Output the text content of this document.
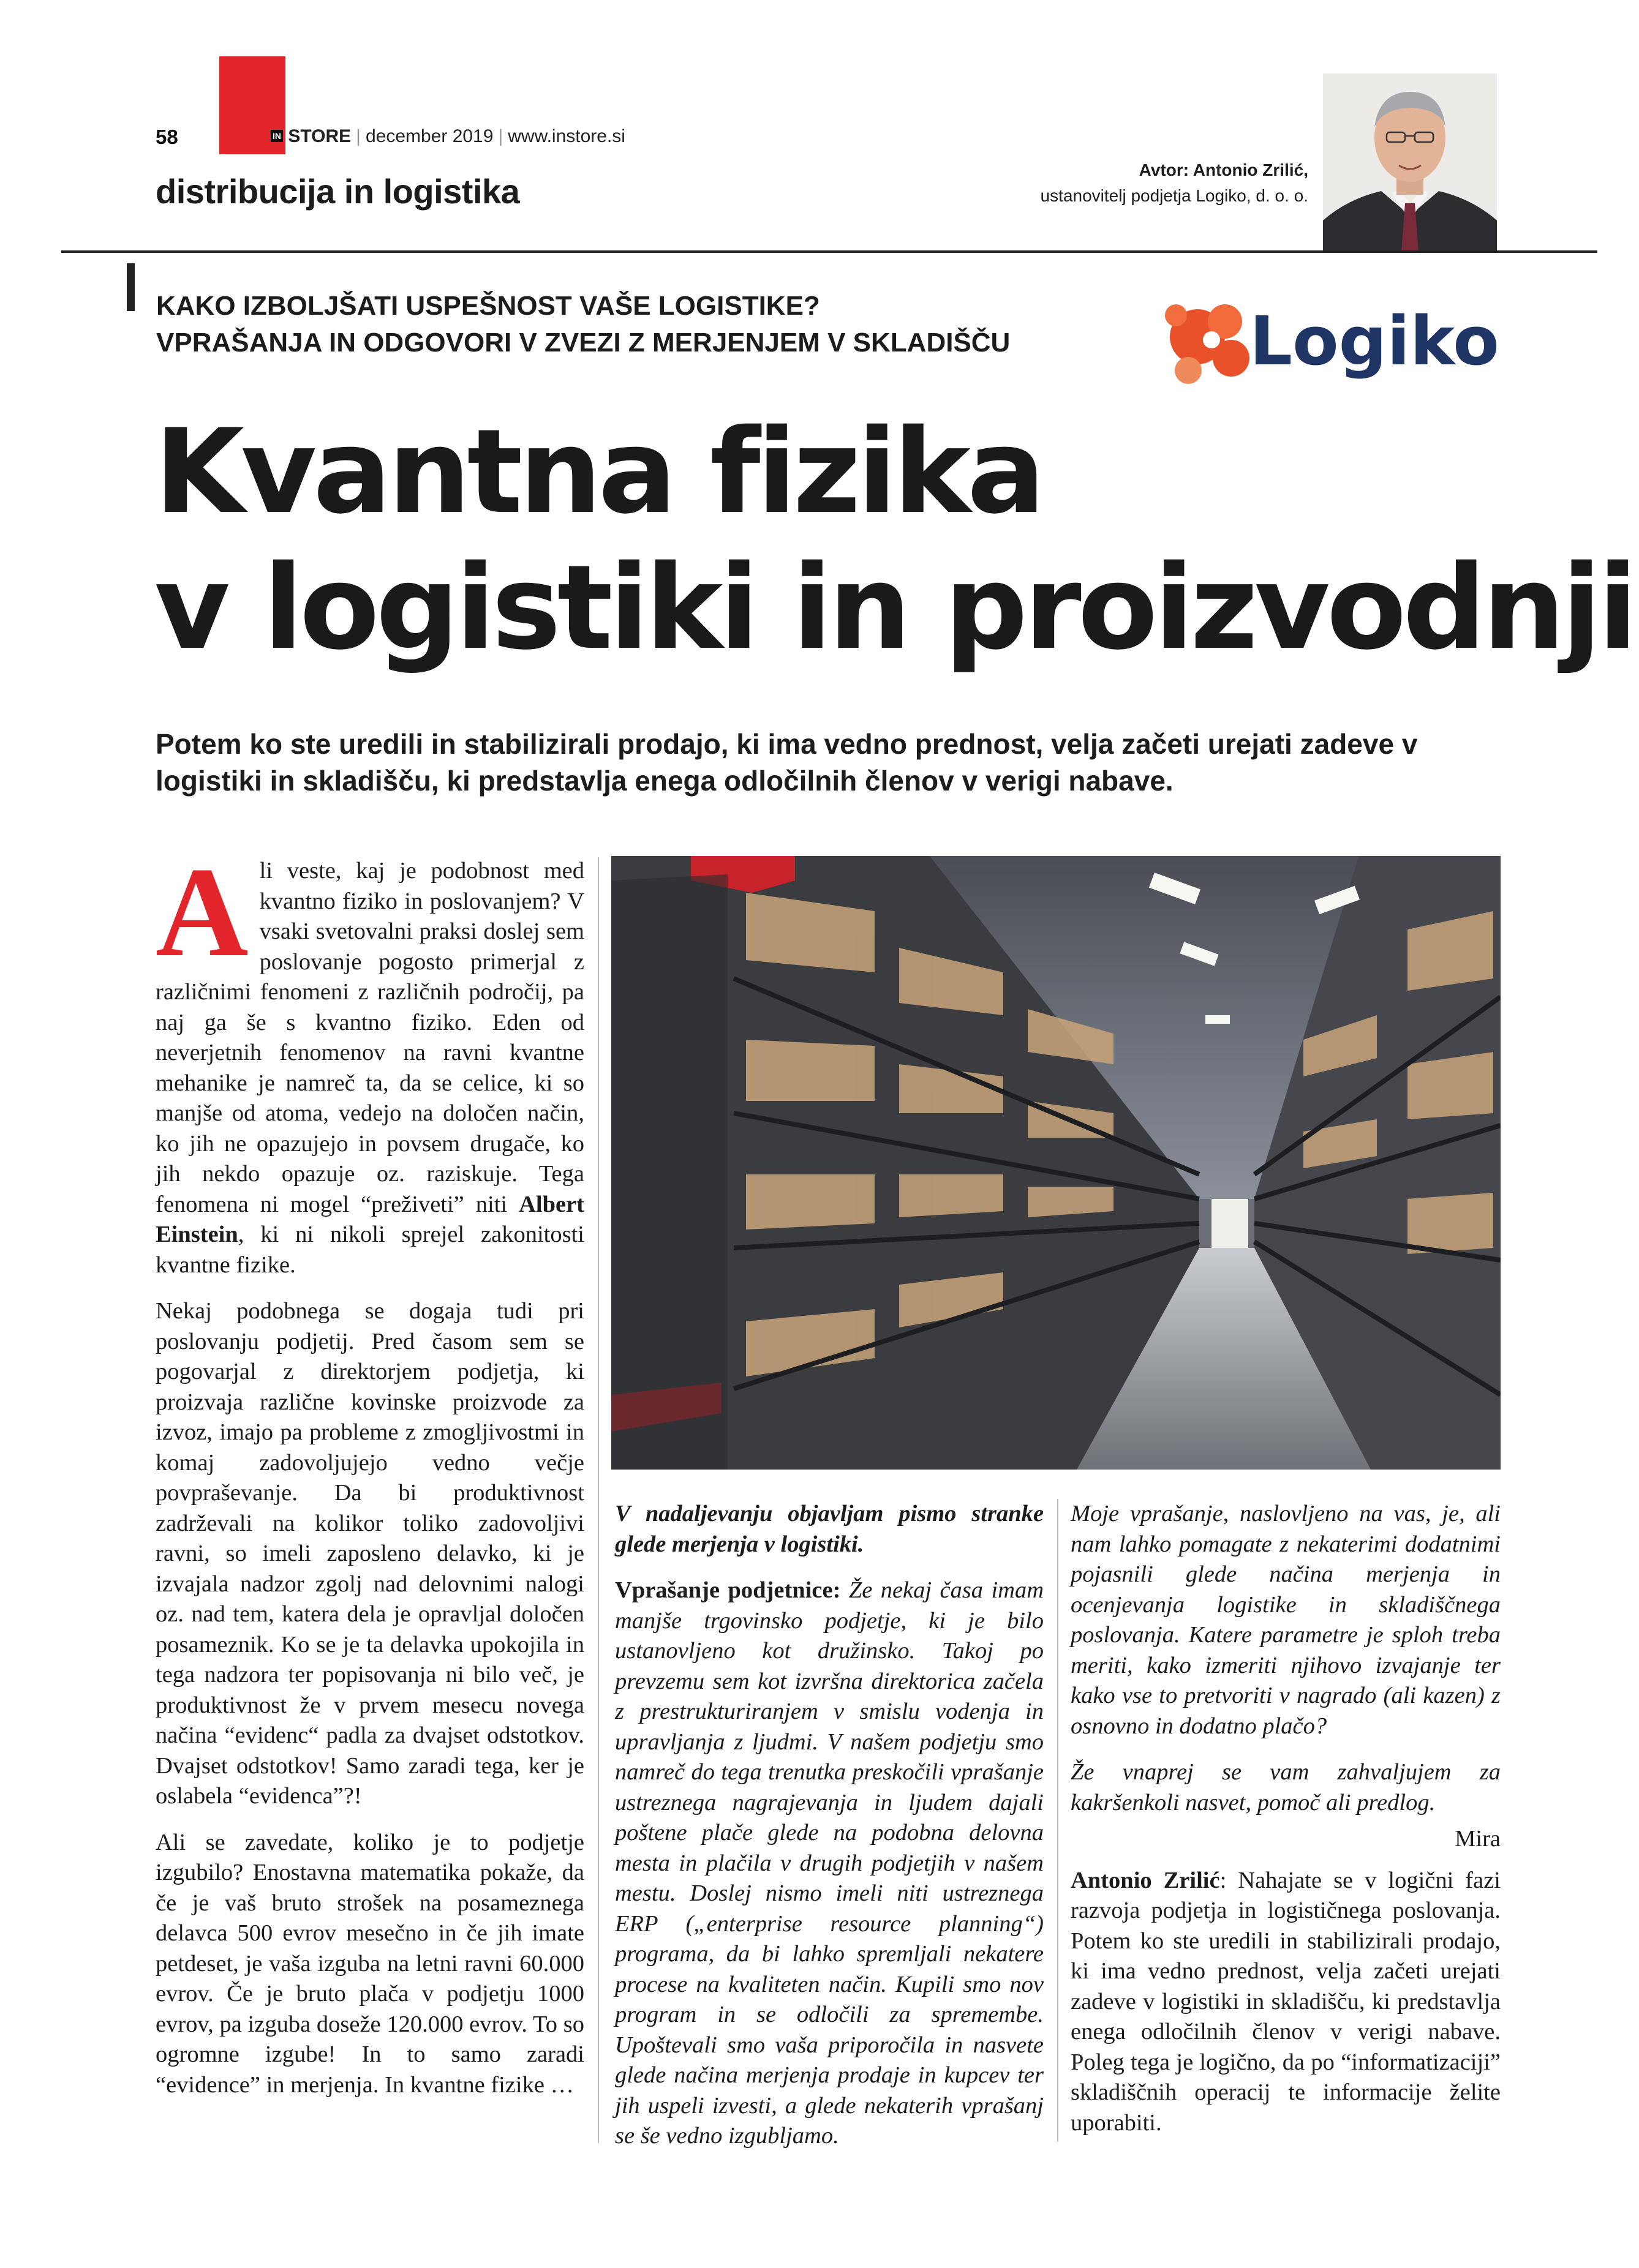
58	IN STORE | december 2019 | www.instore.si
distribucija in logistika
Avtor: Antonio Zrilić,
ustanovitelj podjetja Logiko, d. o. o.
KAKO IZBOLJŠATI USPEŠNOST VAŠE LOGISTIKE?
VPRAŠANJA IN ODGOVORI V ZVEZI Z MERJENJEM V SKLADIŠČU	Logiko
Kvantna fizika
v logistiki in proizvodnji
Potem ko ste uredili in stabilizirali prodajo, ki ima vedno prednost, velja začeti urejati zadeve v logistiki in skladišču, ki predstavlja enega odločilnih členov v verigi nabave.

Ali veste, kaj je podobnost med kvantno fiziko in poslovanjem? V vsaki svetovalni praksi doslej sem poslovanje pogosto primerjal z različnimi fenomeni z različnih področij, pa naj ga še s kvantno fiziko. Eden od neverjetnih fenomenov na ravni kvantne mehanike je namreč ta, da se celice, ki so manjše od atoma, vedejo na določen način, ko jih ne opazujejo in povsem drugače, ko jih nekdo opazuje oz. raziskuje. Tega fenomena ni mogel “preživeti” niti Albert Einstein, ki ni nikoli sprejel zakonitosti kvantne fizike.

Nekaj podobnega se dogaja tudi pri poslovanju podjetij. Pred časom sem se pogovarjal z direktorjem podjetja, ki proizvaja različne kovinske proizvode za izvoz, imajo pa probleme z zmogljivostmi in komaj zadovoljujejo vedno večje povpraševanje. Da bi produktivnost zadrževali na kolikor toliko zadovoljivi ravni, so imeli zaposleno delavko, ki je izvajala nadzor zgolj nad delovnimi nalogi oz. nad tem, katera dela je opravljal določen posameznik. Ko se je ta delavka upokojila in tega nadzora ter popisovanja ni bilo več, je produktivnost že v prvem mesecu novega načina “evidenc“ padla za dvajset odstotkov. Dvajset odstotkov! Samo zaradi tega, ker je oslabela “evidenca”?!

Ali se zavedate, koliko je to podjetje izgubilo? Enostavna matematika pokaže, da če je vaš bruto strošek na posameznega delavca 500 evrov mesečno in če jih imate petdeset, je vaša izguba na letni ravni 60.000 evrov. Če je bruto plača v podjetju 1000 evrov, pa izguba doseže 120.000 evrov. To so ogromne izgube! In to samo zaradi “evidence” in merjenja. In kvantne fizike …

V nadaljevanju objavljam pismo stranke glede merjenja v logistiki.

Vprašanje podjetnice: Že nekaj časa imam manjše trgovinsko podjetje, ki je bilo ustanovljeno kot družinsko. Takoj po prevzemu sem kot izvršna direktorica začela z prestrukturiranjem v smislu vodenja in upravljanja z ljudmi. V našem podjetju smo namreč do tega trenutka preskočili vprašanje ustreznega nagrajevanja in ljudem dajali poštene plače glede na podobna delovna mesta in plačila v drugih podjetjih v našem mestu. Doslej nismo imeli niti ustreznega ERP („enterprise resource planning“) programa, da bi lahko spremljali nekatere procese na kvaliteten način. Kupili smo nov program in se odločili za spremembe. Upoštevali smo vaša priporočila in nasvete glede načina merjenja prodaje in kupcev ter jih uspeli izvesti, a glede nekaterih vprašanj se še vedno izgubljamo.

Moje vprašanje, naslovljeno na vas, je, ali nam lahko pomagate z nekaterimi dodatnimi pojasnili glede načina merjenja in ocenjevanja logistike in skladiščnega poslovanja. Katere parametre je sploh treba meriti, kako izmeriti njihovo izvajanje ter kako vse to pretvoriti v nagrado (ali kazen) z osnovno in dodatno plačo?

Že vnaprej se vam zahvaljujem za kakršenkoli nasvet, pomoč ali predlog.

Mira

Antonio Zrilić: Nahajate se v logični fazi razvoja podjetja in logističnega poslovanja. Potem ko ste uredili in stabilizirali prodajo, ki ima vedno prednost, velja začeti urejati zadeve v logistiki in skladišču, ki predstavlja enega odločilnih členov v verigi nabave. Poleg tega je logično, da po “informatizaciji” skladiščnih operacij te informacije želite uporabiti.
